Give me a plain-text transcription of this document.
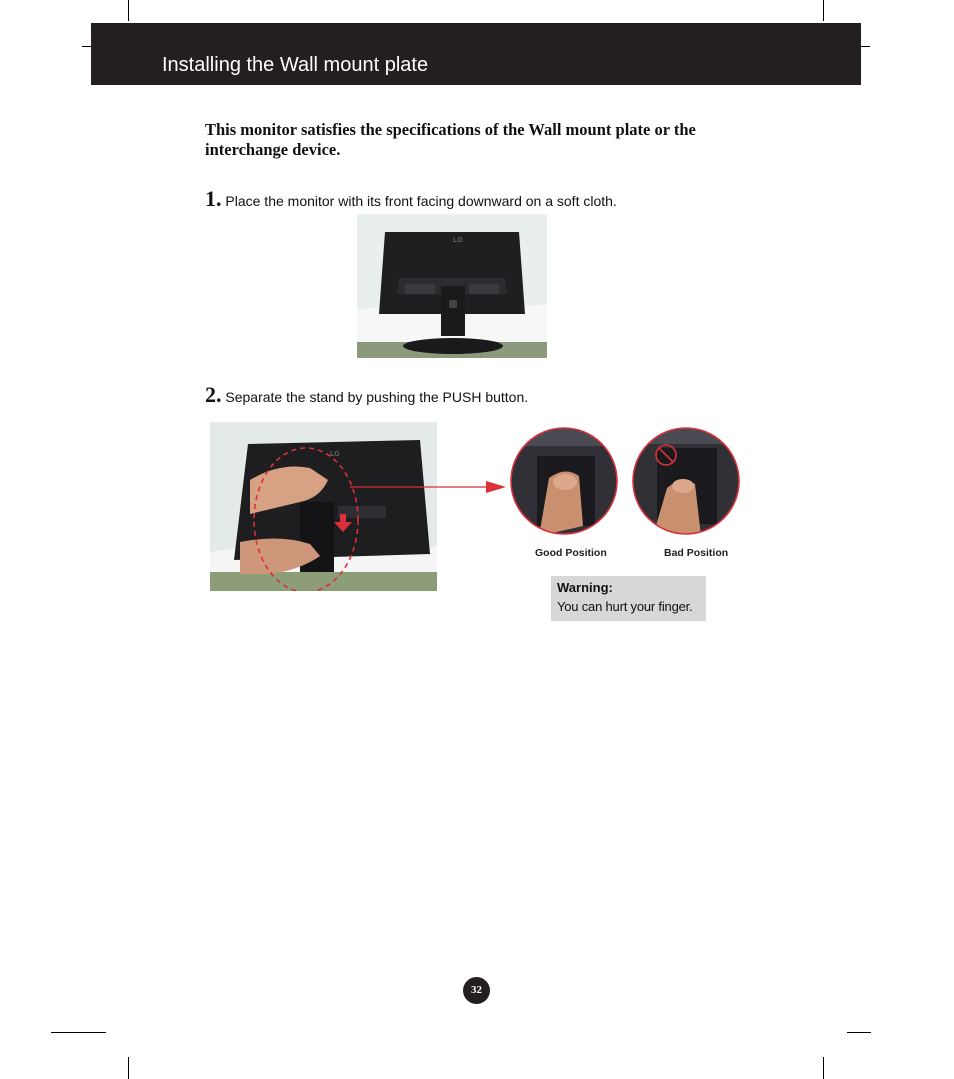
Installing the Wall mount plate
This monitor satisfies the specifications of the Wall mount plate or the interchange device.
1. Place the monitor with its front facing downward on a soft cloth.
LG
2. Separate the stand by pushing the PUSH button.
LG
Good Position	Bad Position
Warning:
You can hurt your finger.
32
